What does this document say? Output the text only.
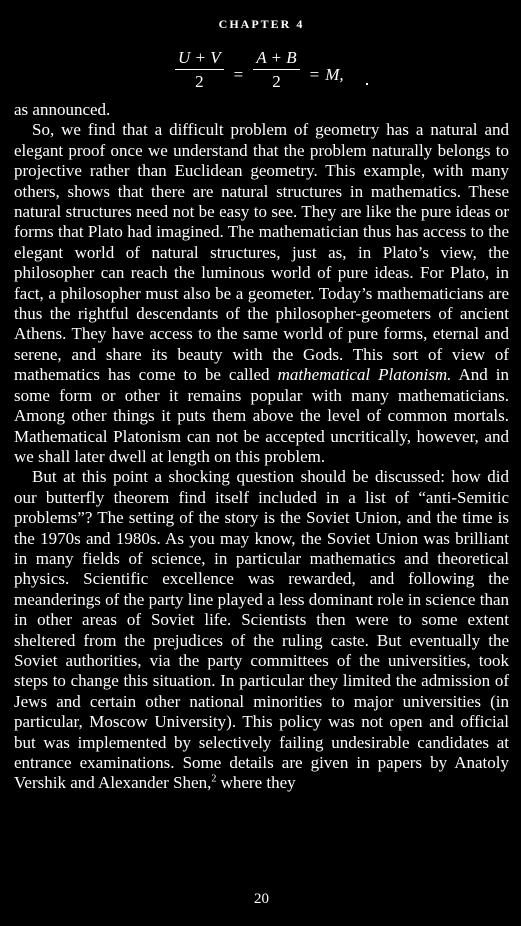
CHAPTER 4
$\frac{U + V}{2} = \frac{A + B}{2} = M$,

as announced.

So, we find that a difficult problem of geometry has a natural and elegant proof once we understand that the problem naturally belongs to projective rather than Euclidean geometry. This example, with many others, shows that there are natural structures in mathematics. These natural structures need not be easy to see. They are like the pure ideas or forms that Plato had imagined. The mathematician thus has access to the elegant world of natural structures, just as, in Plato’s view, the philosopher can reach the luminous world of pure ideas. For Plato, in fact, a philosopher must also be a geometer. Today’s mathematicians are thus the rightful descendants of the philosopher-geometers of ancient Athens. They have access to the same world of pure forms, eternal and serene, and share its beauty with the Gods. This sort of view of mathematics has come to be called mathematical Platonism. And in some form or other it remains popular with many mathematicians. Among other things it puts them above the level of common mortals. Mathematical Platonism can not be accepted uncritically, however, and we shall later dwell at length on this problem.

But at this point a shocking question should be discussed: how did our butterfly theorem find itself included in a list of “anti-Semitic problems”? The setting of the story is the Soviet Union, and the time is the 1970s and 1980s. As you may know, the Soviet Union was brilliant in many fields of science, in particular mathematics and theoretical physics. Scientific excellence was rewarded, and following the meanderings of the party line played a less dominant role in science than in other areas of Soviet life. Scientists then were to some extent sheltered from the prejudices of the ruling caste. But eventually the Soviet authorities, via the party committees of the universities, took steps to change this situation. In particular they limited the admission of Jews and certain other national minorities to major universities (in particular, Moscow University). This policy was not open and official but was implemented by selectively failing undesirable candidates at entrance examinations. Some details are given in papers by Anatoly Vershik and Alexander Shen,$^2$ where they

20
